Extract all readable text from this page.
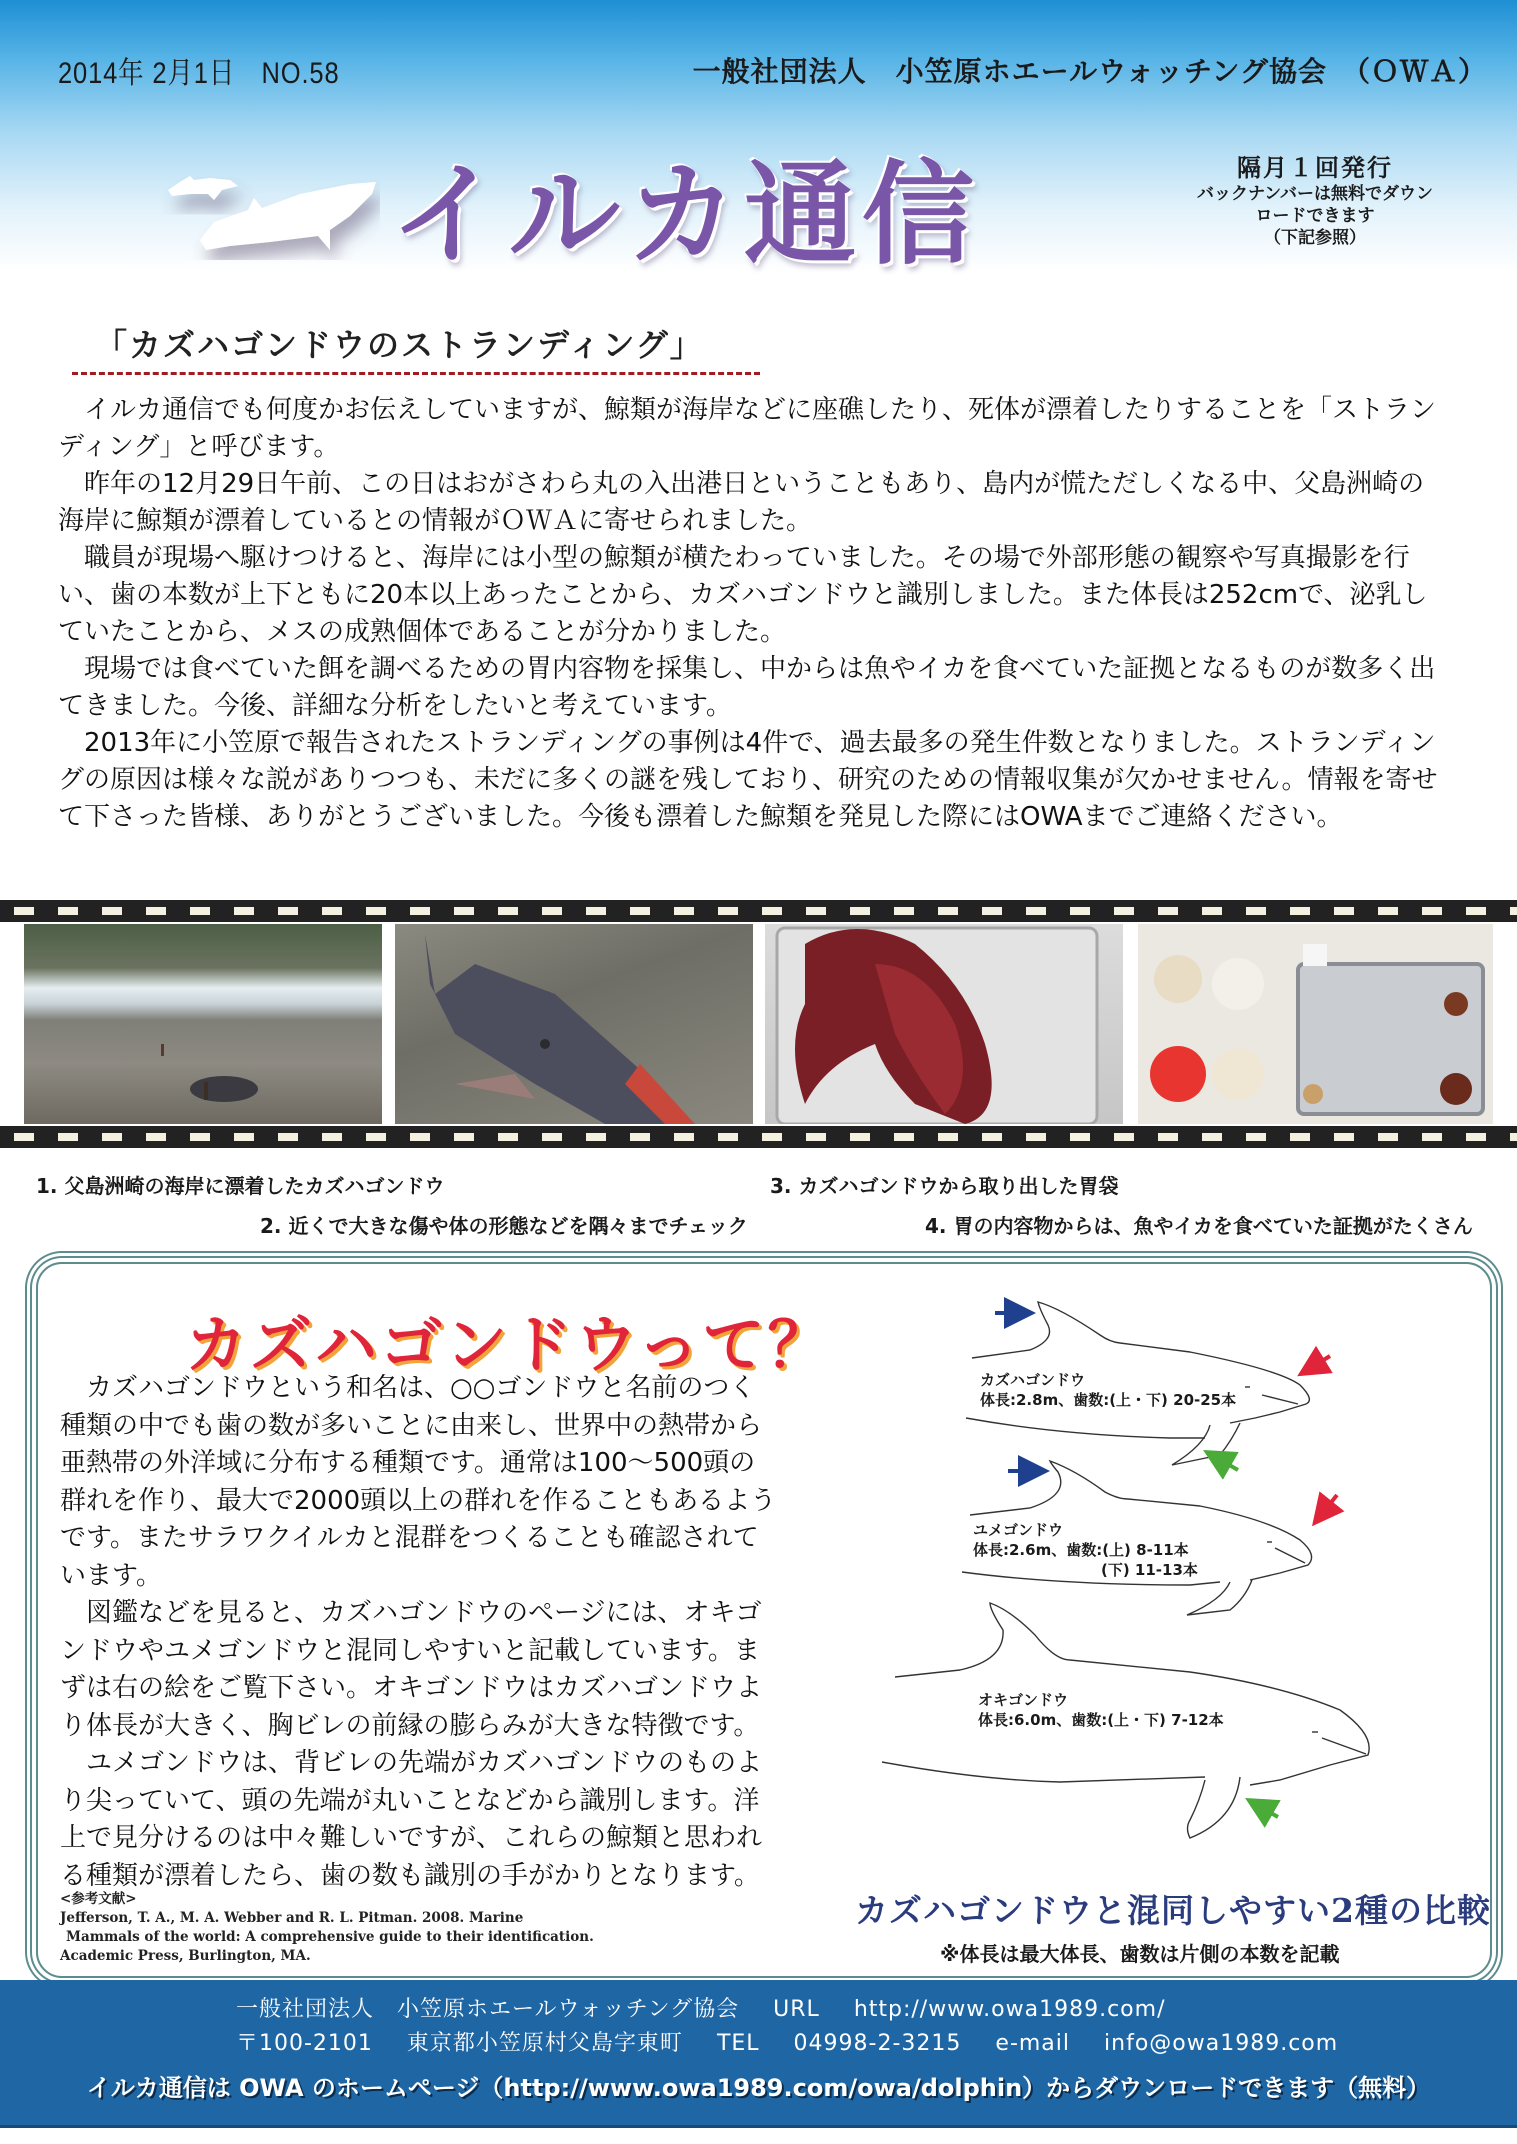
2014年 2月1日　NO.58	一般社団法人　小笠原ホエールウォッチング協会　（ＯＷＡ）
イルカ通信	隔月１回発行
バックナンバーは無料でダウン
ロードできます
（下記参照）
「カズハゴンドウのストランディング」

イルカ通信でも何度かお伝えしていますが、鯨類が海岸などに座礁したり、死体が漂着したりすることを「ストランディング」と呼びます。

昨年の12月29日午前、この日はおがさわら丸の入出港日ということもあり、島内が慌ただしくなる中、父島洲崎の海岸に鯨類が漂着しているとの情報がＯＷＡに寄せられました。

職員が現場へ駆けつけると、海岸には小型の鯨類が横たわっていました。その場で外部形態の観察や写真撮影を行い、歯の本数が上下ともに20本以上あったことから、カズハゴンドウと識別しました。また体長は252cmで、泌乳していたことから、メスの成熟個体であることが分かりました。

現場では食べていた餌を調べるための胃内容物を採集し、中からは魚やイカを食べていた証拠となるものが数多く出てきました。今後、詳細な分析をしたいと考えています。

2013年に小笠原で報告されたストランディングの事例は4件で、過去最多の発生件数となりました。ストランディングの原因は様々な説がありつつも、未だに多くの謎を残しており、研究のための情報収集が欠かせません。情報を寄せて下さった皆様、ありがとうございました。今後も漂着した鯨類を発見した際にはOWAまでご連絡ください。

1. 父島洲崎の海岸に漂着したカズハゴンドウ	3. カズハゴンドウから取り出した胃袋
2. 近くで大きな傷や体の形態などを隅々までチェック	4. 胃の内容物からは、魚やイカを食べていた証拠がたくさん
カズハゴンドウって？

カズハゴンドウという和名は、○○ゴンドウと名前のつく種類の中でも歯の数が多いことに由来し、世界中の熱帯から亜熱帯の外洋域に分布する種類です。通常は100～500頭の群れを作り、最大で2000頭以上の群れを作ることもあるようです。またサラワクイルカと混群をつくることも確認されています。

図鑑などを見ると、カズハゴンドウのページには、オキゴンドウやユメゴンドウと混同しやすいと記載しています。まずは右の絵をご覧下さい。オキゴンドウはカズハゴンドウより体長が大きく、胸ビレの前縁の膨らみが大きな特徴です。

ユメゴンドウは、背ビレの先端がカズハゴンドウのものより尖っていて、頭の先端が丸いことなどから識別します。洋上で見分けるのは中々難しいですが、これらの鯨類と思われる種類が漂着したら、歯の数も識別の手がかりとなります。

<参考文献>
Jefferson, T. A., M. A. Webber and R. L. Pitman. 2008. Marine
Mammals of the world: A comprehensive guide to their identification.
Academic Press, Burlington, MA.
カズハゴンドウ
体長:2.8m、歯数:(上・下) 20-25本
ユメゴンドウ
体長:2.6m、歯数:(上) 8-11本
(下) 11-13本
オキゴンドウ
体長:6.0m、歯数:(上・下) 7-12本
カズハゴンドウと混同しやすい2種の比較
※体長は最大体長、歯数は片側の本数を記載
一般社団法人　小笠原ホエールウォッチング協会 URL http://www.owa1989.com/
〒100-2101 東京都小笠原村父島字東町 TEL 04998-2-3215 e-mail info@owa1989.com
イルカ通信は OWA のホームページ（http://www.owa1989.com/owa/dolphin）からダウンロードできます（無料）
